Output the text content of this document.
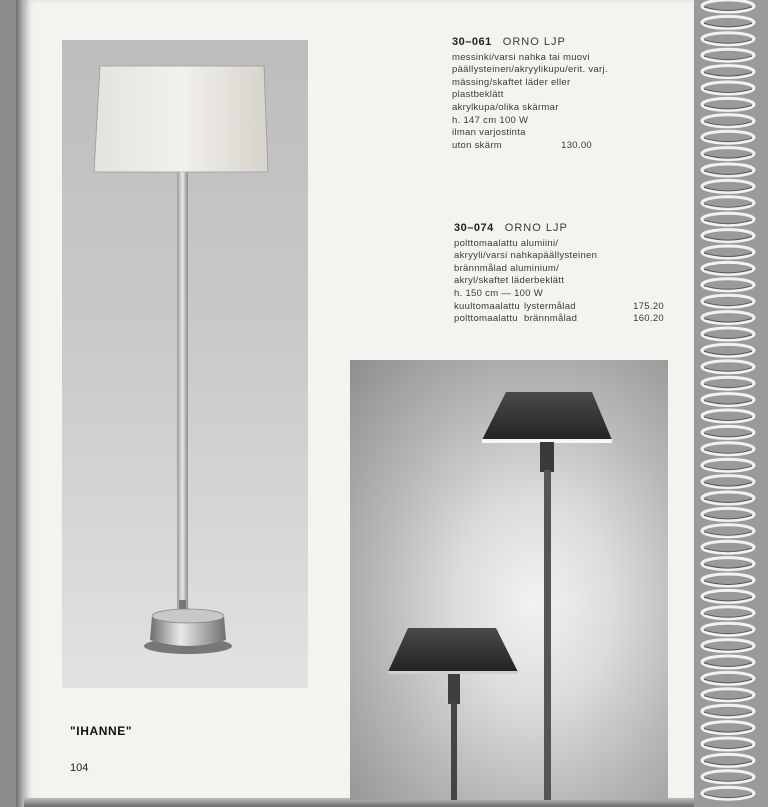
30–061 ORNO LJP
messinki/varsi nahka tai muovi
päällysteinen/akryylikupu/erit. varj.
mässing/skaftet läder eller
plastbeklätt
akrylkupa/olika skärmar
h. 147 cm 100 W
ilman varjostinta
uton skärm	130.00
30–074 ORNO LJP
polttomaalattu alumiini/
akryyli/varsi nahkapäällysteinen
brännmålad aluminium/
akryl/skaftet läderbeklätt
h. 150 cm — 100 W
kuultomaalattu lystermålad	175.20
polttomaalattu brännmålad	160.20
"IHANNE"
104
